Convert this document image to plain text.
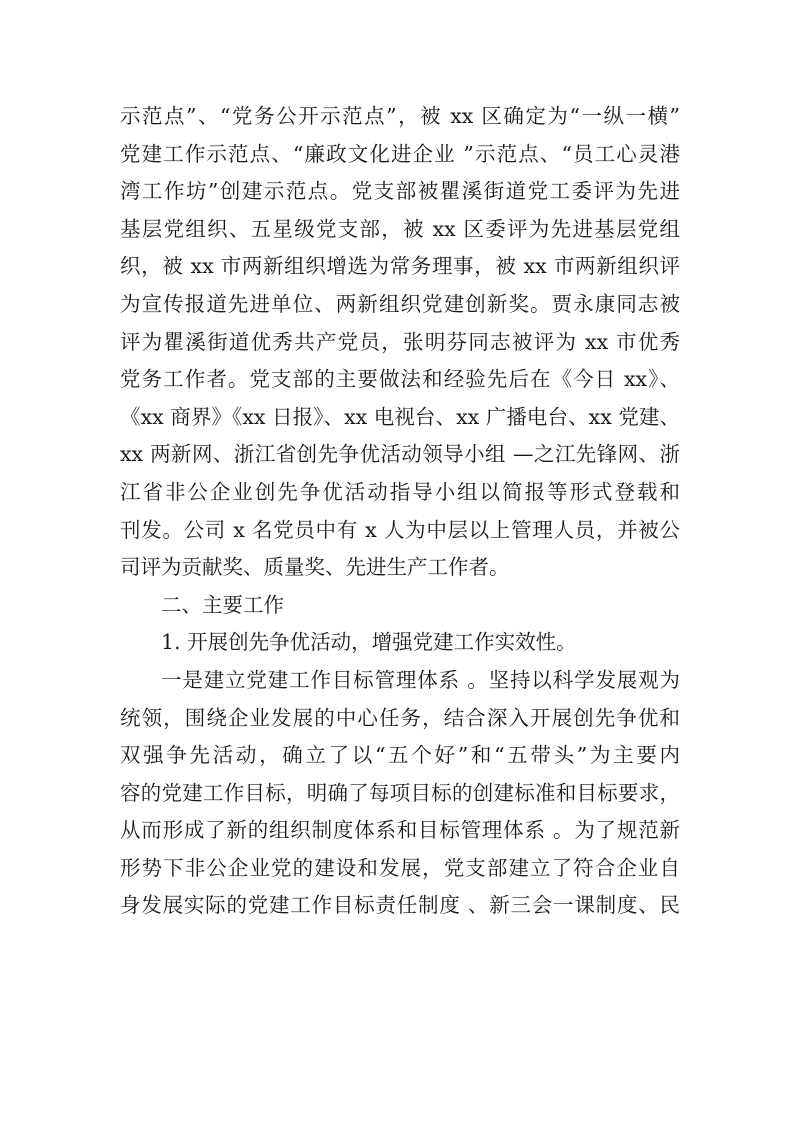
示范点”、“党务公开示范点”，被 xx 区确定为“一纵一横”
党建工作示范点、“廉政文化进企业 ”示范点、“员工心灵港
湾工作坊”创建示范点。党支部被瞿溪街道党工委评为先进
基层党组织、五星级党支部，被 xx 区委评为先进基层党组
织，被 xx 市两新组织增选为常务理事，被 xx 市两新组织评
为宣传报道先进单位、两新组织党建创新奖。贾永康同志被
评为瞿溪街道优秀共产党员，张明芬同志被评为 xx 市优秀
党务工作者。党支部的主要做法和经验先后在《今日 xx》、
《xx 商界》《xx 日报》、xx 电视台、xx 广播电台、xx 党建、
xx 两新网、浙江省创先争优活动领导小组 —之江先锋网、浙
江省非公企业创先争优活动指导小组以简报等形式登载和
刊发。公司 x 名党员中有 x 人为中层以上管理人员，并被公
司评为贡献奖、质量奖、先进生产工作者。
二、主要工作
1. 开展创先争优活动，增强党建工作实效性。
一是建立党建工作目标管理体系 。坚持以科学发展观为
统领，围绕企业发展的中心任务，结合深入开展创先争优和
双强争先活动，确立了以“五个好”和“五带头”为主要内
容的党建工作目标，明确了每项目标的创建标准和目标要求，
从而形成了新的组织制度体系和目标管理体系 。为了规范新
形势下非公企业党的建设和发展，党支部建立了符合企业自
身发展实际的党建工作目标责任制度 、新三会一课制度、民
